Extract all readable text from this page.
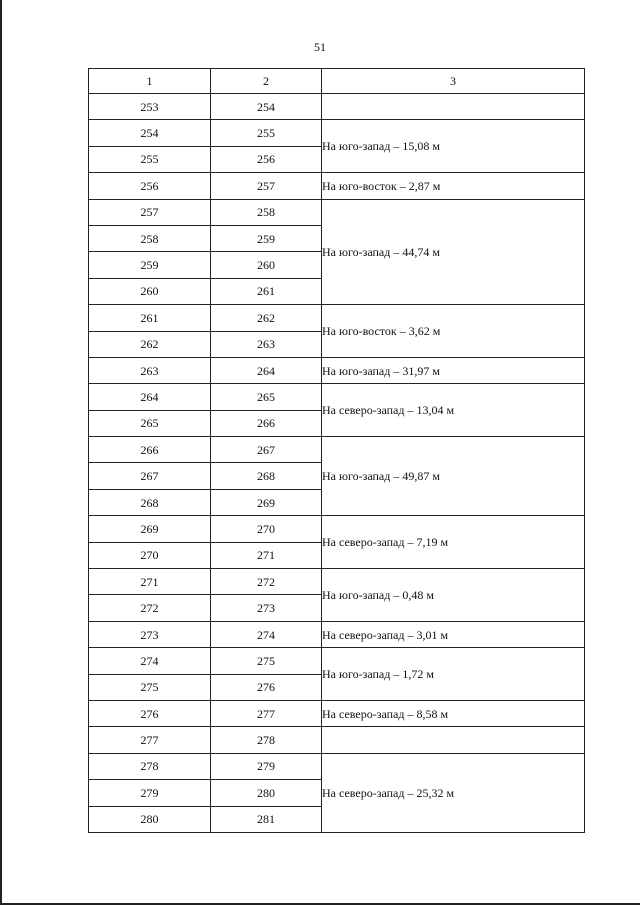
51
1	2	3
253	254	
254	255	На юго-запад – 15,08 м
255	256	
256	257	На юго-восток – 2,87 м
257	258	На юго-запад – 44,74 м
258	259	
259	260	
260	261	
261	262	На юго-восток – 3,62 м
262	263	
263	264	На юго-запад – 31,97 м
264	265	На северо-запад – 13,04 м
265	266	
266	267	На юго-запад – 49,87 м
267	268	
268	269	
269	270	На северо-запад – 7,19 м
270	271	
271	272	На юго-запад – 0,48 м
272	273	
273	274	На северо-запад – 3,01 м
274	275	На юго-запад – 1,72 м
275	276	
276	277	На северо-запад – 8,58 м
277	278	
278	279	На северо-запад – 25,32 м
279	280	
280	281	
